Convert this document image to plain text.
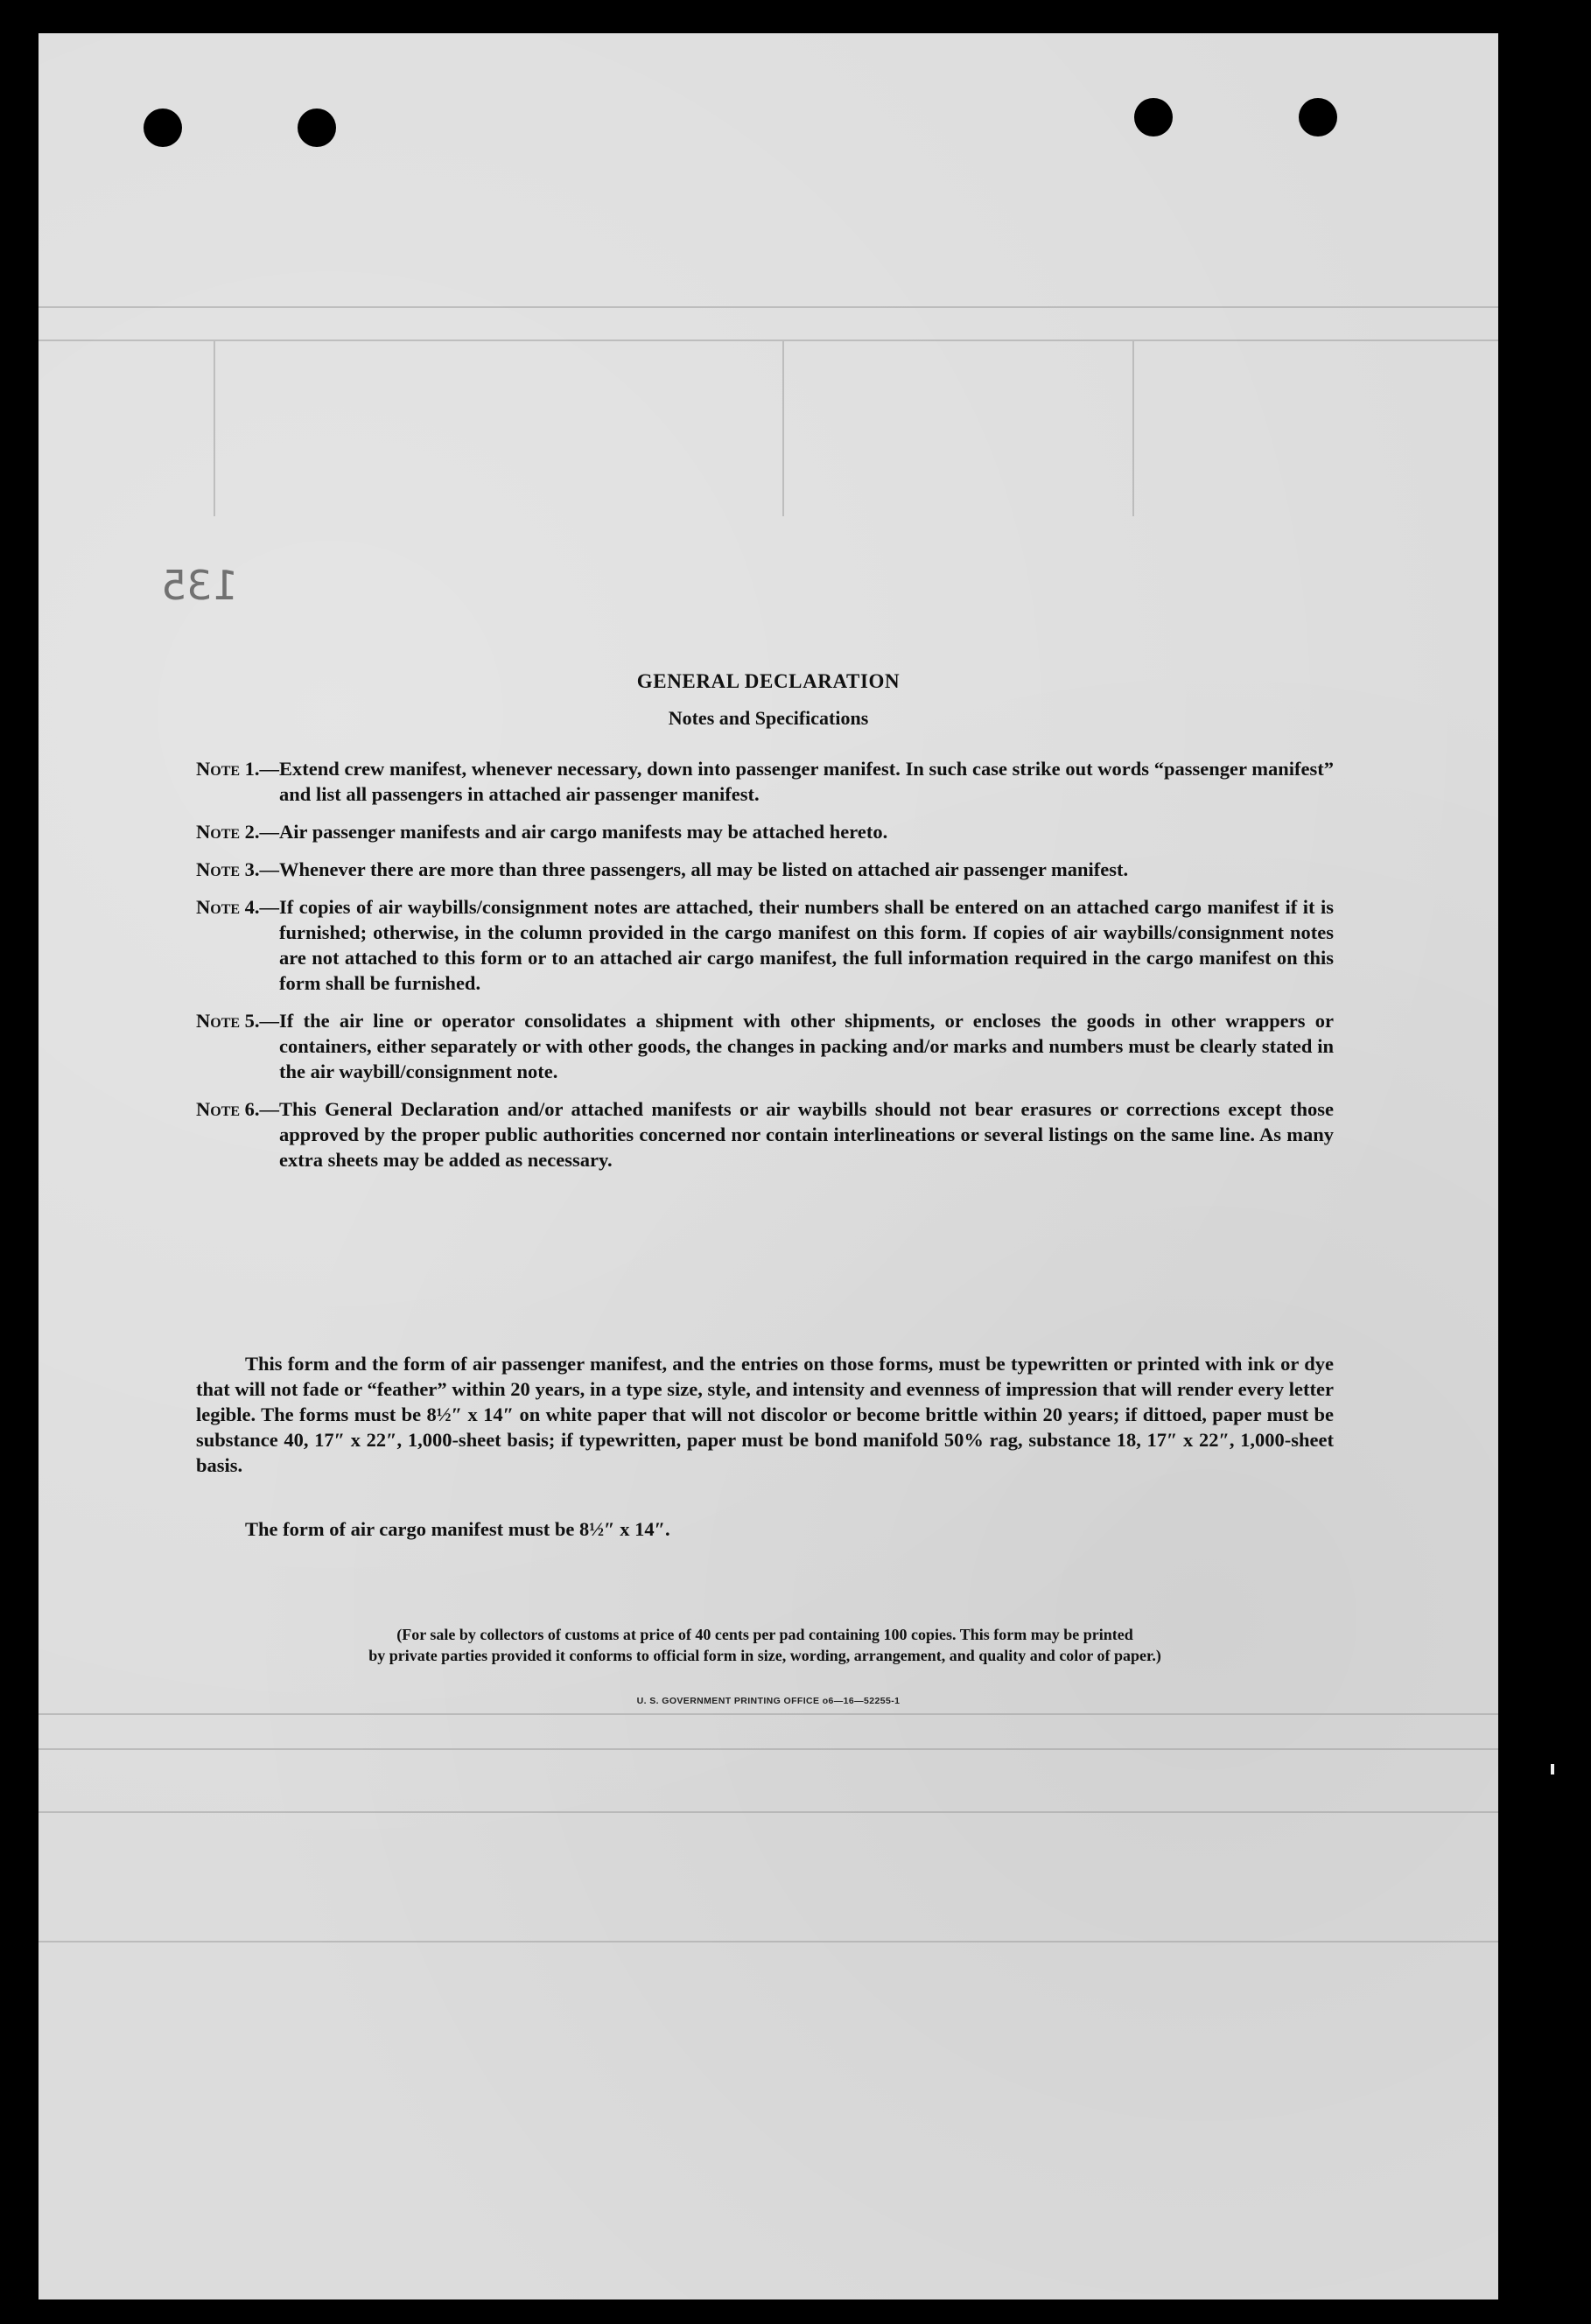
135
GENERAL DECLARATION
Notes and Specifications
Note 1. — Extend crew manifest, whenever necessary, down into passenger manifest. In such case strike out words “passenger manifest” and list all passengers in attached air passenger manifest.
Note 2. — Air passenger manifests and air cargo manifests may be attached hereto.
Note 3. — Whenever there are more than three passengers, all may be listed on attached air passenger manifest.
Note 4. — If copies of air waybills/consignment notes are attached, their numbers shall be entered on an attached cargo manifest if it is furnished; otherwise, in the column provided in the cargo manifest on this form. If copies of air waybills/consignment notes are not attached to this form or to an attached air cargo manifest, the full information required in the cargo manifest on this form shall be furnished.
Note 5. — If the air line or operator consolidates a shipment with other shipments, or encloses the goods in other wrappers or containers, either separately or with other goods, the changes in packing and/or marks and numbers must be clearly stated in the air waybill/consignment note.
Note 6. — This General Declaration and/or attached manifests or air waybills should not bear erasures or corrections except those approved by the proper public authorities concerned nor contain interlineations or several listings on the same line. As many extra sheets may be added as necessary.
This form and the form of air passenger manifest, and the entries on those forms, must be typewritten or printed with ink or dye that will not fade or “feather” within 20 years, in a type size, style, and intensity and evenness of impression that will render every letter legible. The forms must be 8½″ x 14″ on white paper that will not discolor or become brittle within 20 years; if dittoed, paper must be substance 40, 17″ x 22″, 1,000-sheet basis; if typewritten, paper must be bond manifold 50% rag, substance 18, 17″ x 22″, 1,000-sheet basis.
The form of air cargo manifest must be 8½″ x 14″.
(For sale by collectors of customs at price of 40 cents per pad containing 100 copies. This form may be printed
by private parties provided it conforms to official form in size, wording, arrangement, and quality and color of paper.)
U. S. GOVERNMENT PRINTING OFFICE o6—16—52255-1
